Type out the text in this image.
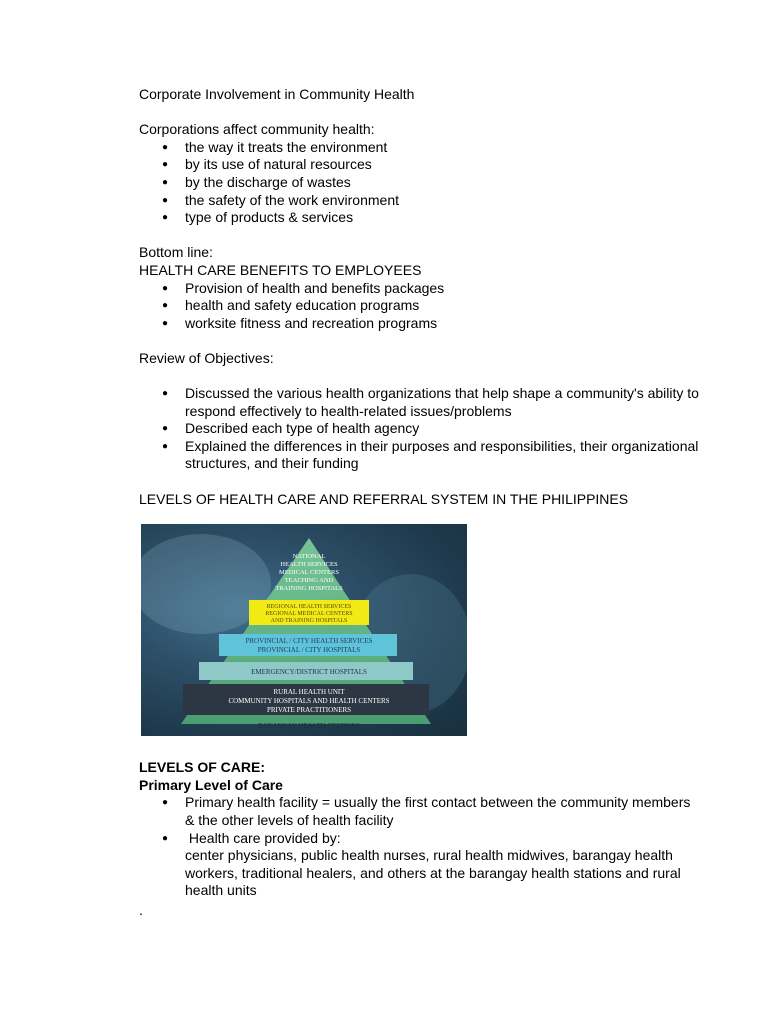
Corporate Involvement in Community Health

Corporations affect community health:

● the way it treats the environment
● by its use of natural resources
● by the discharge of wastes
● the safety of the work environment
● type of products & services

Bottom line:

HEALTH CARE BENEFITS TO EMPLOYEES

● Provision of health and benefits packages
● health and safety education programs
● worksite fitness and recreation programs

Review of Objectives:

● Discussed the various health organizations that help shape a community's ability to respond effectively to health-related issues/problems
● Described each type of health agency
● Explained the differences in their purposes and responsibilities, their organizational structures, and their funding

LEVELS OF HEALTH CARE AND REFERRAL SYSTEM IN THE PHILIPPINES

NATIONAL
HEALTH SERVICES
MEDICAL CENTERS
TEACHING AND
TRAINING HOSPITALS
REGIONAL HEALTH SERVICES
REGIONAL MEDICAL CENTERS
AND TRAINING HOSPITALS
PROVINCIAL / CITY HEALTH SERVICES
PROVINCIAL / CITY HOSPITALS
EMERGENCY/DISTRICT HOSPITALS
RURAL HEALTH UNIT
COMMUNITY HOSPITALS AND HEALTH CENTERS
PRIVATE PRACTITIONERS
BARANGAY HEALTH STATIONS

LEVELS OF CARE:

Primary Level of Care

● Primary health facility = usually the first contact between the community members & the other levels of health facility
●  Health care provided by:
center physicians, public health nurses, rural health midwives, barangay health workers, traditional healers, and others at the barangay health stations and rural health units

.
